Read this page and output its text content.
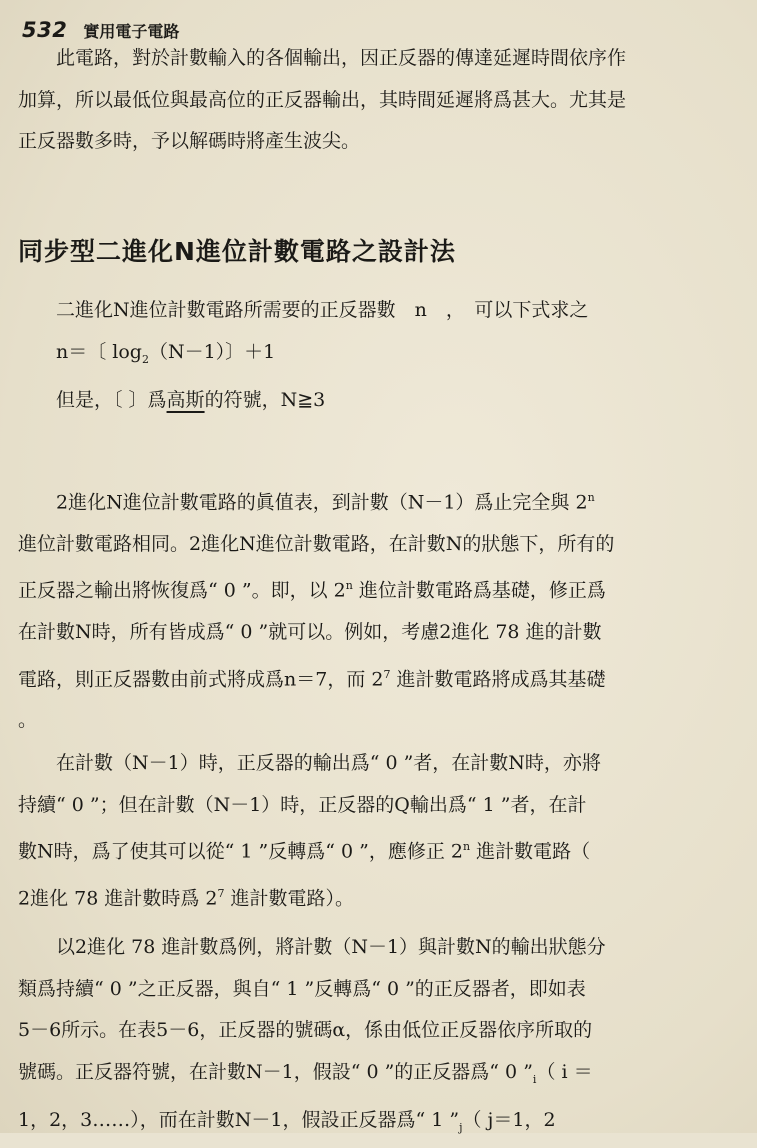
532 實用電子電路

此電路，對於計數輸入的各個輸出，因正反器的傳達延遲時間依序作
加算，所以最低位與最高位的正反器輸出，其時間延遲將爲甚大。尤其是
正反器數多時，予以解碼時將產生波尖。

同步型二進化N進位計數電路之設計法

二進化N進位計數電路所需要的正反器數　n　，　可以下式求之
n＝〔 $\log_2(N-1)$〕＋1
但是，〔 〕爲高斯的符號，N≧3

2進化N進位計數電路的眞值表，到計數（N－1）爲止完全與 2$^n$
進位計數電路相同。2進化N進位計數電路，在計數N的狀態下，所有的
正反器之輸出將恢復爲“ 0 ”。即，以 2$^n$ 進位計數電路爲基礎，修正爲
在計數N時，所有皆成爲“ 0 ”就可以。例如，考慮2進化 78 進的計數
電路，則正反器數由前式將成爲n＝7，而 $2^7$ 進計數電路將成爲其基礎
。

在計數（N－1）時，正反器的輸出爲“ 0 ”者，在計數N時，亦將
持續“ 0 ”；但在計數（N－1）時，正反器的Q輸出爲“ 1 ”者，在計
數N時，爲了使其可以從“ 1 ”反轉爲“ 0 ”，應修正 2$^n$ 進計數電路（
2進化 78 進計數時爲 $2^7$ 進計數電路）。

以2進化 78 進計數爲例，將計數（N－1）與計數N的輸出狀態分
類爲持續“ 0 ”之正反器，與自“ 1 ”反轉爲“ 0 ”的正反器者，即如表
5－6所示。在表5－6，正反器的號碼α，係由低位正反器依序所取的
號碼。正反器符號，在計數N－1，假設“ 0 ”的正反器爲“ 0 $”_i$（ i ＝
1，2，3……），而在計數N－1，假設正反器爲“ 1 $”_j$（ j＝1，2
